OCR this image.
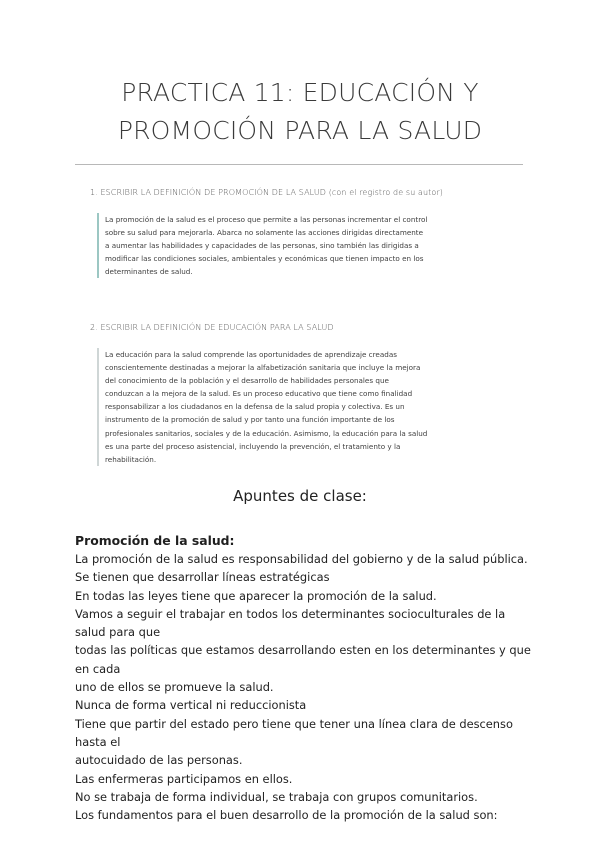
PRACTICA 11: EDUCACIÓN Y
PROMOCIÓN PARA LA SALUD
1. ESCRIBIR LA DEFINICIÓN DE PROMOCIÓN DE LA SALUD (con el registro de su autor)
La promoción de la salud es el proceso que permite a las personas incrementar el control
sobre su salud para mejorarla. Abarca no solamente las acciones dirigidas directamente
a aumentar las habilidades y capacidades de las personas, sino también las dirigidas a
modificar las condiciones sociales, ambientales y económicas que tienen impacto en los
determinantes de salud.
2. ESCRIBIR LA DEFINICIÓN DE EDUCACIÓN PARA LA SALUD
La educación para la salud comprende las oportunidades de aprendizaje creadas
conscientemente destinadas a mejorar la alfabetización sanitaria que incluye la mejora
del conocimiento de la población y el desarrollo de habilidades personales que
conduzcan a la mejora de la salud. Es un proceso educativo que tiene como finalidad
responsabilizar a los ciudadanos en la defensa de la salud propia y colectiva. Es un
instrumento de la promoción de salud y por tanto una función importante de los
profesionales sanitarios, sociales y de la educación. Asimismo, la educación para la salud
es una parte del proceso asistencial, incluyendo la prevención, el tratamiento y la
rehabilitación.
Apuntes de clase:

Promoción de la salud:

La promoción de la salud es responsabilidad del gobierno y de la salud pública.

Se tienen que desarrollar líneas estratégicas

En todas las leyes tiene que aparecer la promoción de la salud.

Vamos a seguir el trabajar en todos los determinantes socioculturales de la salud para que

todas las políticas que estamos desarrollando esten en los determinantes y que en cada

uno de ellos se promueve la salud.

Nunca de forma vertical ni reduccionista

Tiene que partir del estado pero tiene que tener una línea clara de descenso hasta el

autocuidado de las personas.

Las enfermeras participamos en ellos.

No se trabaja de forma individual, se trabaja con grupos comunitarios.

Los fundamentos para el buen desarrollo de la promoción de la salud son:
